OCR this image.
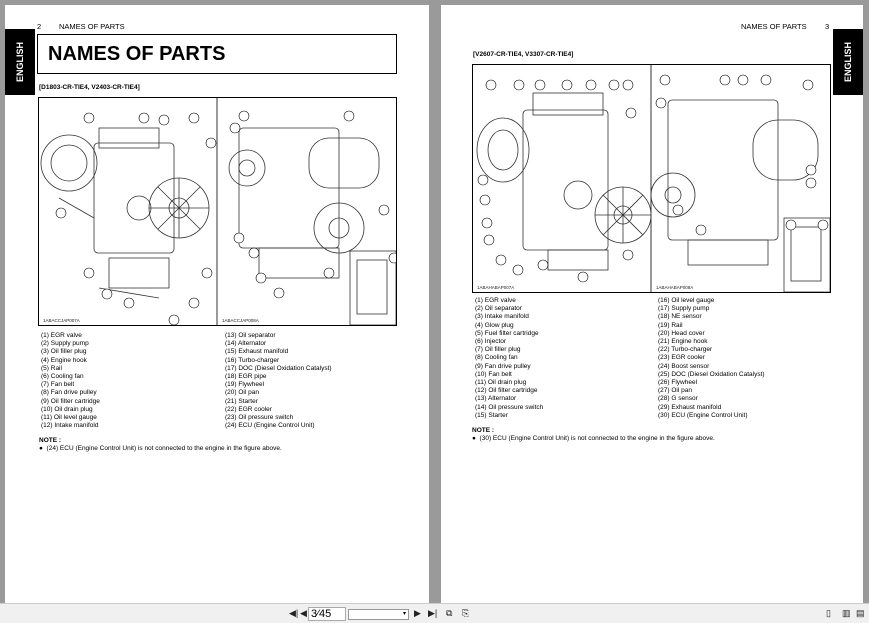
2 NAMES OF PARTS
ENGLISH	NAMES OF PARTS
[D1803-CR-TIE4, V2403-CR-TIE4]
1ABACCJAP007A	1ABACCJAP008A
(1) EGR valve
(2) Supply pump
(3) Oil filler plug
(4) Engine hook
(5) Rail
(6) Cooling fan
(7) Fan belt
(8) Fan drive pulley
(9) Oil filter cartridge
(10) Oil drain plug
(11) Oil level gauge
(12) Intake manifold
(13) Oil separator
(14) Alternator
(15) Exhaust manifold
(16) Turbo-charger
(17) DOC (Diesel Oxidation Catalyst)
(18) EGR pipe
(19) Flywheel
(20) Oil pan
(21) Starter
(22) EGR cooler
(23) Oil pressure switch
(24) ECU (Engine Control Unit)
NOTE :
●  (24) ECU (Engine Control Unit) is not connected to the engine in the figure above.
NAMES OF PARTS 3
ENGLISH
[V2607-CR-TIE4, V3307-CR-TIE4]
1ABAHABAP007A	1ABAHABAP008A
(1) EGR valve
(2) Oil separator
(3) Intake manifold
(4) Glow plug
(5) Fuel filter cartridge
(6) Injector
(7) Oil filler plug
(8) Cooling fan
(9) Fan drive pulley
(10) Fan belt
(11) Oil drain plug
(12) Oil filter cartridge
(13) Alternator
(14) Oil pressure switch
(15) Starter
(16) Oil level gauge
(17) Supply pump
(18) NE sensor
(19) Rail
(20) Head cover
(21) Engine hook
(22) Turbo-charger
(23) EGR cooler
(24) Boost sensor
(25) DOC (Diesel Oxidation Catalyst)
(26) Flywheel
(27) Oil pan
(28) G sensor
(29) Exhaust manifold
(30) ECU (Engine Control Unit)
NOTE :
●  (30) ECU (Engine Control Unit) is not connected to the engine in the figure above.
◀| ◀ 3⁄45	▾ ▶ ▶| ⧉ ⎘	▯ ▥ ▤
